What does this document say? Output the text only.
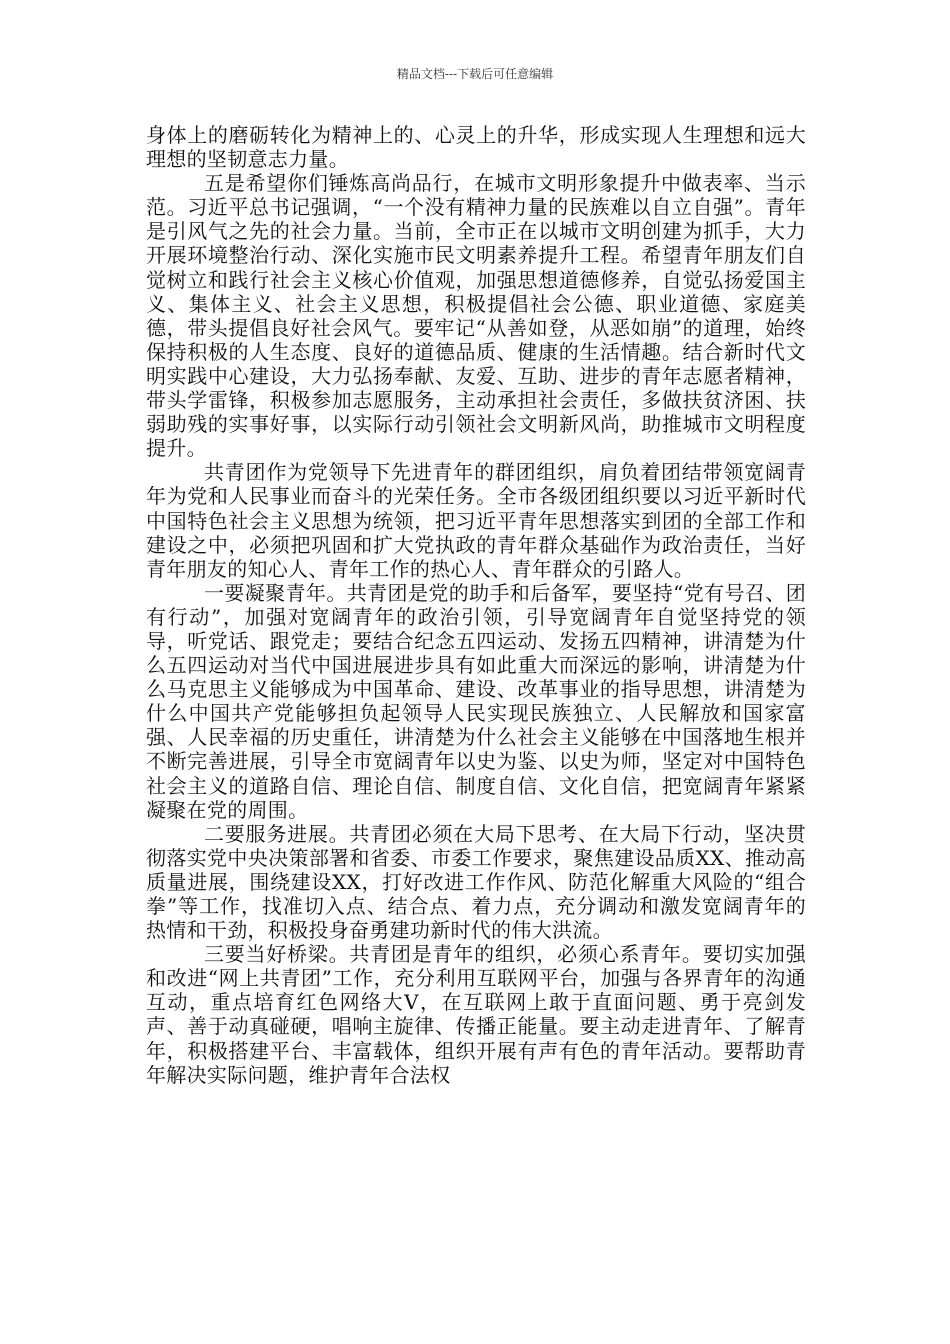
精品文档---下载后可任意编辑

身体上的磨砺转化为精神上的、心灵上的升华，形成实现人生理想和远大理想的坚韧意志力量。

五是希望你们锤炼高尚品行，在城市文明形象提升中做表率、当示范。习近平总书记强调，“一个没有精神力量的民族难以自立自强”。青年是引风气之先的社会力量。当前，全市正在以城市文明创建为抓手，大力开展环境整治行动、深化实施市民文明素养提升工程。希望青年朋友们自觉树立和践行社会主义核心价值观，加强思想道德修养，自觉弘扬爱国主义、集体主义、社会主义思想，积极提倡社会公德、职业道德、家庭美德，带头提倡良好社会风气。要牢记“从善如登，从恶如崩”的道理，始终保持积极的人生态度、良好的道德品质、健康的生活情趣。结合新时代文明实践中心建设，大力弘扬奉献、友爱、互助、进步的青年志愿者精神，带头学雷锋，积极参加志愿服务，主动承担社会责任，多做扶贫济困、扶弱助残的实事好事，以实际行动引领社会文明新风尚，助推城市文明程度提升。

共青团作为党领导下先进青年的群团组织，肩负着团结带领宽阔青年为党和人民事业而奋斗的光荣任务。全市各级团组织要以习近平新时代中国特色社会主义思想为统领，把习近平青年思想落实到团的全部工作和建设之中，必须把巩固和扩大党执政的青年群众基础作为政治责任，当好青年朋友的知心人、青年工作的热心人、青年群众的引路人。

一要凝聚青年。共青团是党的助手和后备军，要坚持“党有号召、团有行动”，加强对宽阔青年的政治引领，引导宽阔青年自觉坚持党的领导，听党话、跟党走；要结合纪念五四运动、发扬五四精神，讲清楚为什么五四运动对当代中国进展进步具有如此重大而深远的影响，讲清楚为什么马克思主义能够成为中国革命、建设、改革事业的指导思想，讲清楚为什么中国共产党能够担负起领导人民实现民族独立、人民解放和国家富强、人民幸福的历史重任，讲清楚为什么社会主义能够在中国落地生根并不断完善进展，引导全市宽阔青年以史为鉴、以史为师，坚定对中国特色社会主义的道路自信、理论自信、制度自信、文化自信，把宽阔青年紧紧凝聚在党的周围。

二要服务进展。共青团必须在大局下思考、在大局下行动，坚决贯彻落实党中央决策部署和省委、市委工作要求，聚焦建设品质XX、推动高质量进展，围绕建设XX，打好改进工作作风、防范化解重大风险的“组合拳”等工作，找准切入点、结合点、着力点，充分调动和激发宽阔青年的热情和干劲，积极投身奋勇建功新时代的伟大洪流。

三要当好桥梁。共青团是青年的组织，必须心系青年。要切实加强和改进“网上共青团”工作，充分利用互联网平台，加强与各界青年的沟通互动，重点培育红色网络大V，在互联网上敢于直面问题、勇于亮剑发声、善于动真碰硬，唱响主旋律、传播正能量。要主动走进青年、了解青年，积极搭建平台、丰富载体，组织开展有声有色的青年活动。要帮助青年解决实际问题，维护青年合法权
